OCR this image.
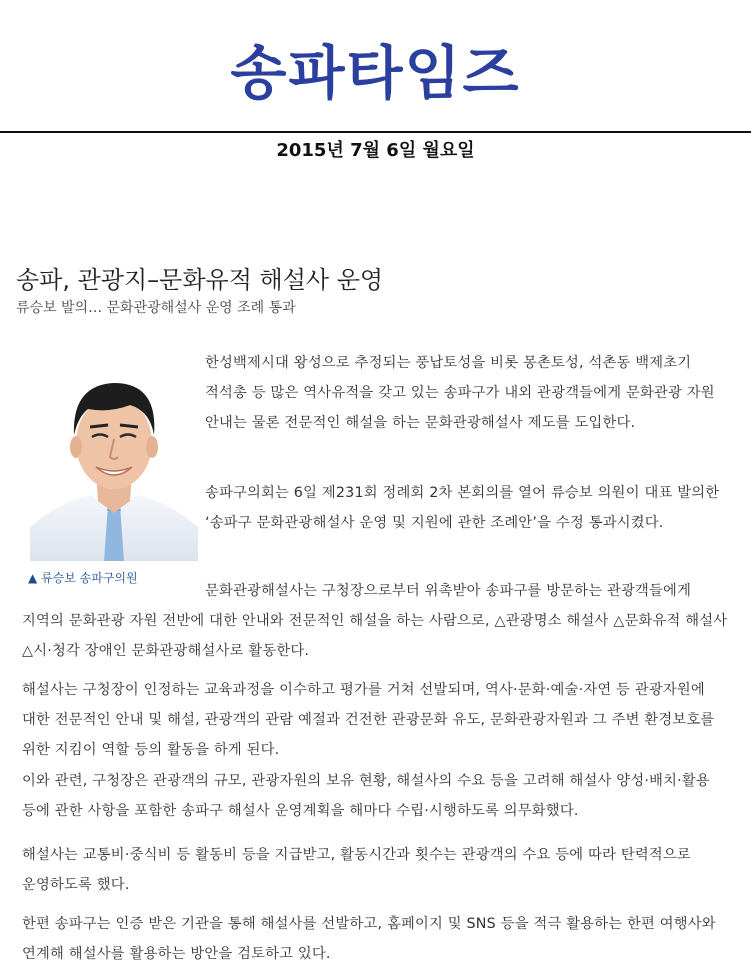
송파타임즈
2015년 7월 6일 월요일
송파, 관광지–문화유적 해설사 운영
류승보 발의… 문화관광해설사 운영 조례 통과
▲ 류승보 송파구의원

한성백제시대 왕성으로 추정되는 풍납토성을 비롯 몽촌토성, 석촌동 백제초기 적석총 등 많은 역사유적을 갖고 있는 송파구가 내외 관광객들에게 문화관광 자원 안내는 물론 전문적인 해설을 하는 문화관광해설사 제도를 도입한다.

송파구의회는 6일 제231회 정례회 2차 본회의를 열어 류승보 의원이 대표 발의한 ‘송파구 문화관광해설사 운영 및 지원에 관한 조례안’을 수정 통과시켰다.

문화관광해설사는 구청장으로부터 위촉받아 송파구를 방문하는 관광객들에게 지역의 문화관광 자원 전반에 대한 안내와 전문적인 해설을 하는 사람으로, △관광명소 해설사 △문화유적 해설사 △시·청각 장애인 문화관광해설사로 활동한다.

해설사는 구청장이 인정하는 교육과정을 이수하고 평가를 거쳐 선발되며, 역사·문화·예술·자연 등 관광자원에 대한 전문적인 안내 및 해설, 관광객의 관람 예절과 건전한 관광문화 유도, 문화관광자원과 그 주변 환경보호를 위한 지킴이 역할 등의 활동을 하게 된다.

이와 관련, 구청장은 관광객의 규모, 관광자원의 보유 현황, 해설사의 수요 등을 고려해 해설사 양성·배치·활용 등에 관한 사항을 포함한 송파구 해설사 운영계획을 해마다 수립·시행하도록 의무화했다.

해설사는 교통비·중식비 등 활동비 등을 지급받고, 활동시간과 횟수는 관광객의 수요 등에 따라 탄력적으로 운영하도록 했다.

한편 송파구는 인증 받은 기관을 통해 해설사를 선발하고, 홈페이지 및 SNS 등을 적극 활용하는 한편 여행사와 연계해 해설사를 활용하는 방안을 검토하고 있다.
